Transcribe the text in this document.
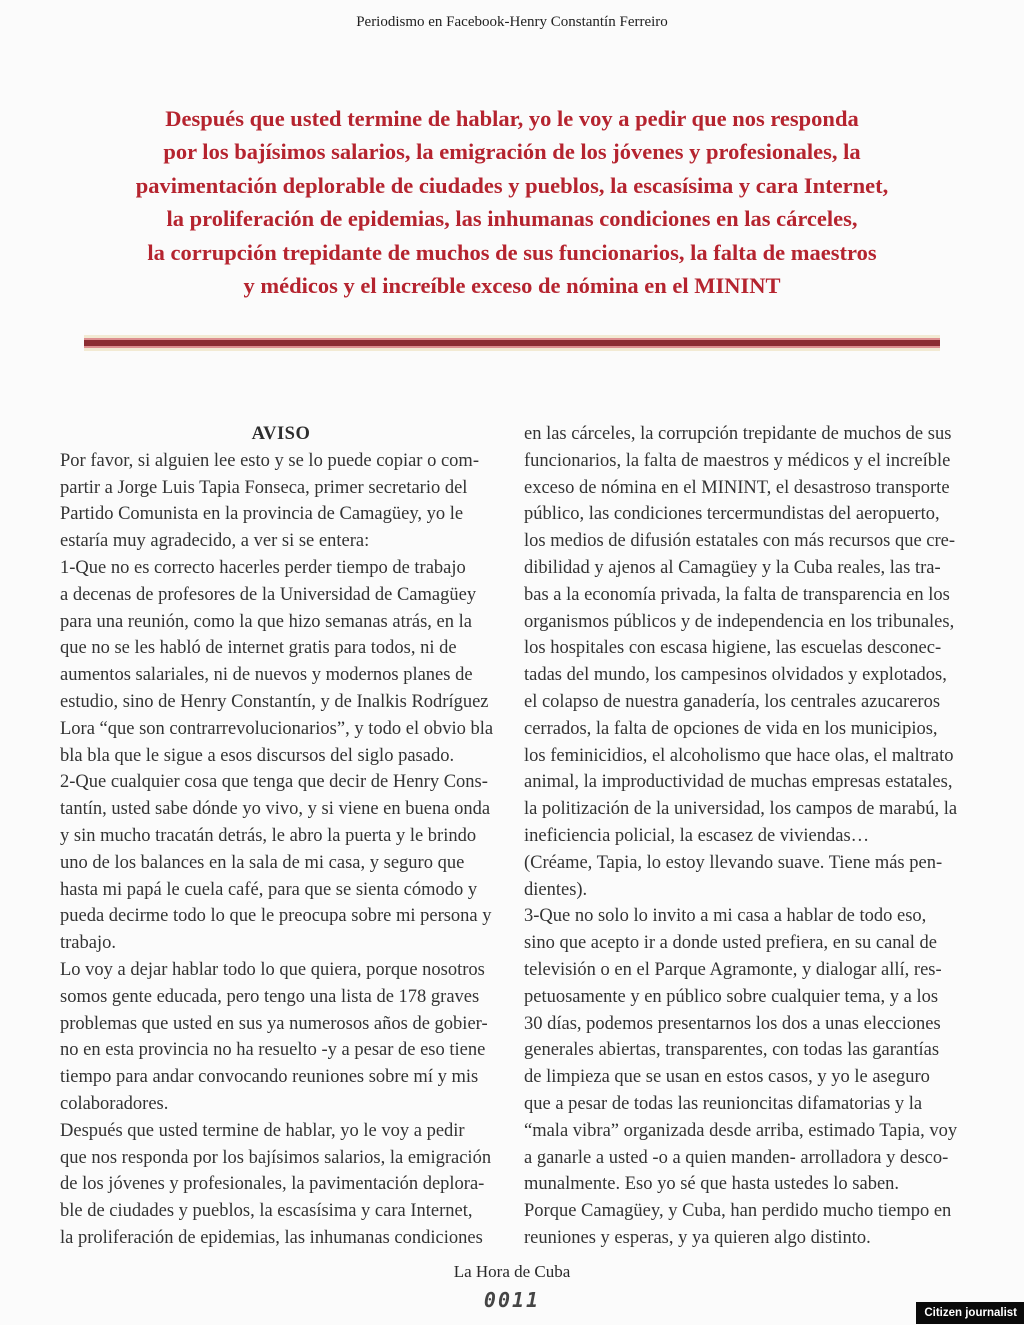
Periodismo en Facebook-Henry Constantín Ferreiro
Después que usted termine de hablar, yo le voy a pedir que nos responda
por los bajísimos salarios, la emigración de los jóvenes y profesionales, la
pavimentación deplorable de ciudades y pueblos, la escasísima y cara Internet,
la proliferación de epidemias, las inhumanas condiciones en las cárceles,
la corrupción trepidante de muchos de sus funcionarios, la falta de maestros
y médicos y el increíble exceso de nómina en el MININT
AVISO
Por favor, si alguien lee esto y se lo puede copiar o com-
partir a Jorge Luis Tapia Fonseca, primer secretario del
Partido Comunista en la provincia de Camagüey, yo le
estaría muy agradecido, a ver si se entera:
1-Que no es correcto hacerles perder tiempo de trabajo
a decenas de profesores de la Universidad de Camagüey
para una reunión, como la que hizo semanas atrás, en la
que no se les habló de internet gratis para todos, ni de
aumentos salariales, ni de nuevos y modernos planes de
estudio, sino de Henry Constantín, y de Inalkis Rodríguez
Lora “que son contrarrevolucionarios”, y todo el obvio bla
bla bla que le sigue a esos discursos del siglo pasado.
2-Que cualquier cosa que tenga que decir de Henry Cons-
tantín, usted sabe dónde yo vivo, y si viene en buena onda
y sin mucho tracatán detrás, le abro la puerta y le brindo
uno de los balances en la sala de mi casa, y seguro que
hasta mi papá le cuela café, para que se sienta cómodo y
pueda decirme todo lo que le preocupa sobre mi persona y
trabajo.
Lo voy a dejar hablar todo lo que quiera, porque nosotros
somos gente educada, pero tengo una lista de 178 graves
problemas que usted en sus ya numerosos años de gobier-
no en esta provincia no ha resuelto -y a pesar de eso tiene
tiempo para andar convocando reuniones sobre mí y mis
colaboradores.
Después que usted termine de hablar, yo le voy a pedir
que nos responda por los bajísimos salarios, la emigración
de los jóvenes y profesionales, la pavimentación deplora-
ble de ciudades y pueblos, la escasísima y cara Internet,
la proliferación de epidemias, las inhumanas condiciones
en las cárceles, la corrupción trepidante de muchos de sus
funcionarios, la falta de maestros y médicos y el increíble
exceso de nómina en el MININT, el desastroso transporte
público, las condiciones tercermundistas del aeropuerto,
los medios de difusión estatales con más recursos que cre-
dibilidad y ajenos al Camagüey y la Cuba reales, las tra-
bas a la economía privada, la falta de transparencia en los
organismos públicos y de independencia en los tribunales,
los hospitales con escasa higiene, las escuelas desconec-
tadas del mundo, los campesinos olvidados y explotados,
el colapso de nuestra ganadería, los centrales azucareros
cerrados, la falta de opciones de vida en los municipios,
los feminicidios, el alcoholismo que hace olas, el maltrato
animal, la improductividad de muchas empresas estatales,
la politización de la universidad, los campos de marabú, la
ineficiencia policial, la escasez de viviendas…
(Créame, Tapia, lo estoy llevando suave. Tiene más pen-
dientes).
3-Que no solo lo invito a mi casa a hablar de todo eso,
sino que acepto ir a donde usted prefiera, en su canal de
televisión o en el Parque Agramonte, y dialogar allí, res-
petuosamente y en público sobre cualquier tema, y a los
30 días, podemos presentarnos los dos a unas elecciones
generales abiertas, transparentes, con todas las garantías
de limpieza que se usan en estos casos, y yo le aseguro
que a pesar de todas las reunioncitas difamatorias y la
“mala vibra” organizada desde arriba, estimado Tapia, voy
a ganarle a usted -o a quien manden- arrolladora y desco-
munalmente. Eso yo sé que hasta ustedes lo saben.
Porque Camagüey, y Cuba, han perdido mucho tiempo en
reuniones y esperas, y ya quieren algo distinto.
La Hora de Cuba
0011
Citizen journalist
